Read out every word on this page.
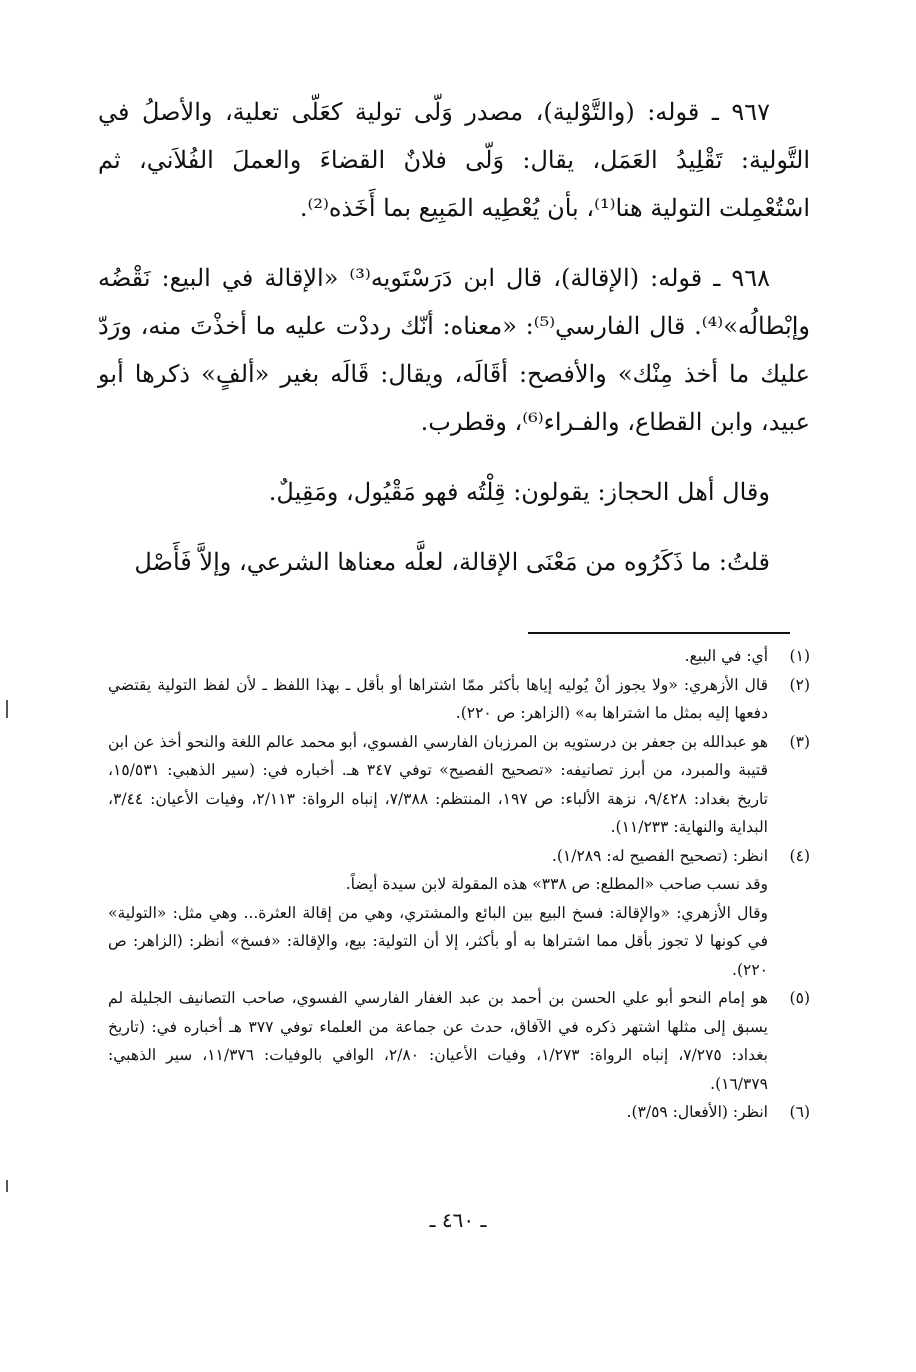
٩٦٧ ـ قوله: (والتَّوْلية)، مصدر وَلّى تولية كعَلّى تعلية، والأصلُ في التَّولية: تَقْلِيدُ العَمَل، يقال: وَلّى فلانٌ القضاءَ والعملَ الفُلاَني، ثم اسْتُعْمِلت التولية هنا⁽¹⁾، بأن يُعْطِيه المَبِيع بما أَخَذه⁽²⁾.

٩٦٨ ـ قوله: (الإقالة)، قال ابن دَرَسْتَويه⁽³⁾ «الإقالة في البيع: نَقْضُه وإبْطالُه»⁽⁴⁾. قال الفارسي⁽⁵⁾: «معناه: أنّك رددْت عليه ما أخذْتَ منه، ورَدّ عليك ما أخذ مِنْك» والأفصح: أقَالَه، ويقال: قَالَه بغير «ألفٍ» ذكرها أبو عبيد، وابن القطاع، والفـراء⁽⁶⁾، وقطرب.

وقال أهل الحجاز: يقولون: قِلْتُه فهو مَقْيُول، ومَقِيلٌ.

قلتُ: ما ذَكَرُوه من مَعْنَى الإقالة، لعلَّه معناها الشرعي، وإلاَّ فَأَصْل

(١)
أي: في البيع.
(٢)
قال الأزهري: «ولا يجوز أنْ يُوليه إياها بأكثر ممّا اشتراها أو بأقل ـ بهذا اللفظ ـ لأن لفظ التولية يقتضي دفعها إليه بمثل ما اشتراها به» (الزاهر: ص ٢٢٠).
(٣)
هو عبدالله بن جعفر بن درستويه بن المرزبان الفارسي الفسوي، أبو محمد عالم اللغة والنحو أخذ عن ابن قتيبة والمبرد، من أبرز تصانيفه: «تصحيح الفصيح» توفي ٣٤٧ هـ. أخباره في: (سير الذهبي: ١٥/٥٣١، تاريخ بغداد: ٩/٤٢٨، نزهة الألباء: ص ١٩٧، المنتظم: ٧/٣٨٨، إنباه الرواة: ٢/١١٣، وفيات الأعيان: ٣/٤٤، البداية والنهاية: ١١/٢٣٣).
(٤)
انظر: (تصحيح الفصيح له: ١/٢٨٩).
وقد نسب صاحب «المطلع: ص ٣٣٨» هذه المقولة لابن سيدة أيضاً.
وقال الأزهري: «والإقالة: فسخ البيع بين البائع والمشتري، وهي من إقالة العثرة... وهي مثل: «التولية» في كونها لا تجوز بأقل مما اشتراها به أو بأكثر، إلا أن التولية: بيع، والإقالة: «فسخ» أنظر: (الزاهر: ص ٢٢٠).
(٥)
هو إمام النحو أبو علي الحسن بن أحمد بن عبد الغفار الفارسي الفسوي، صاحب التصانيف الجليلة لم يسبق إلى مثلها اشتهر ذكره في الآفاق، حدث عن جماعة من العلماء توفي ٣٧٧ هـ أخباره في: (تاريخ بغداد: ٧/٢٧٥، إنباه الرواة: ١/٢٧٣، وفيات الأعيان: ٢/٨٠، الوافي بالوفيات: ١١/٣٧٦، سير الذهبي: ١٦/٣٧٩).
(٦)
انظر: (الأفعال: ٣/٥٩).
ـ ٤٦٠ ـ
